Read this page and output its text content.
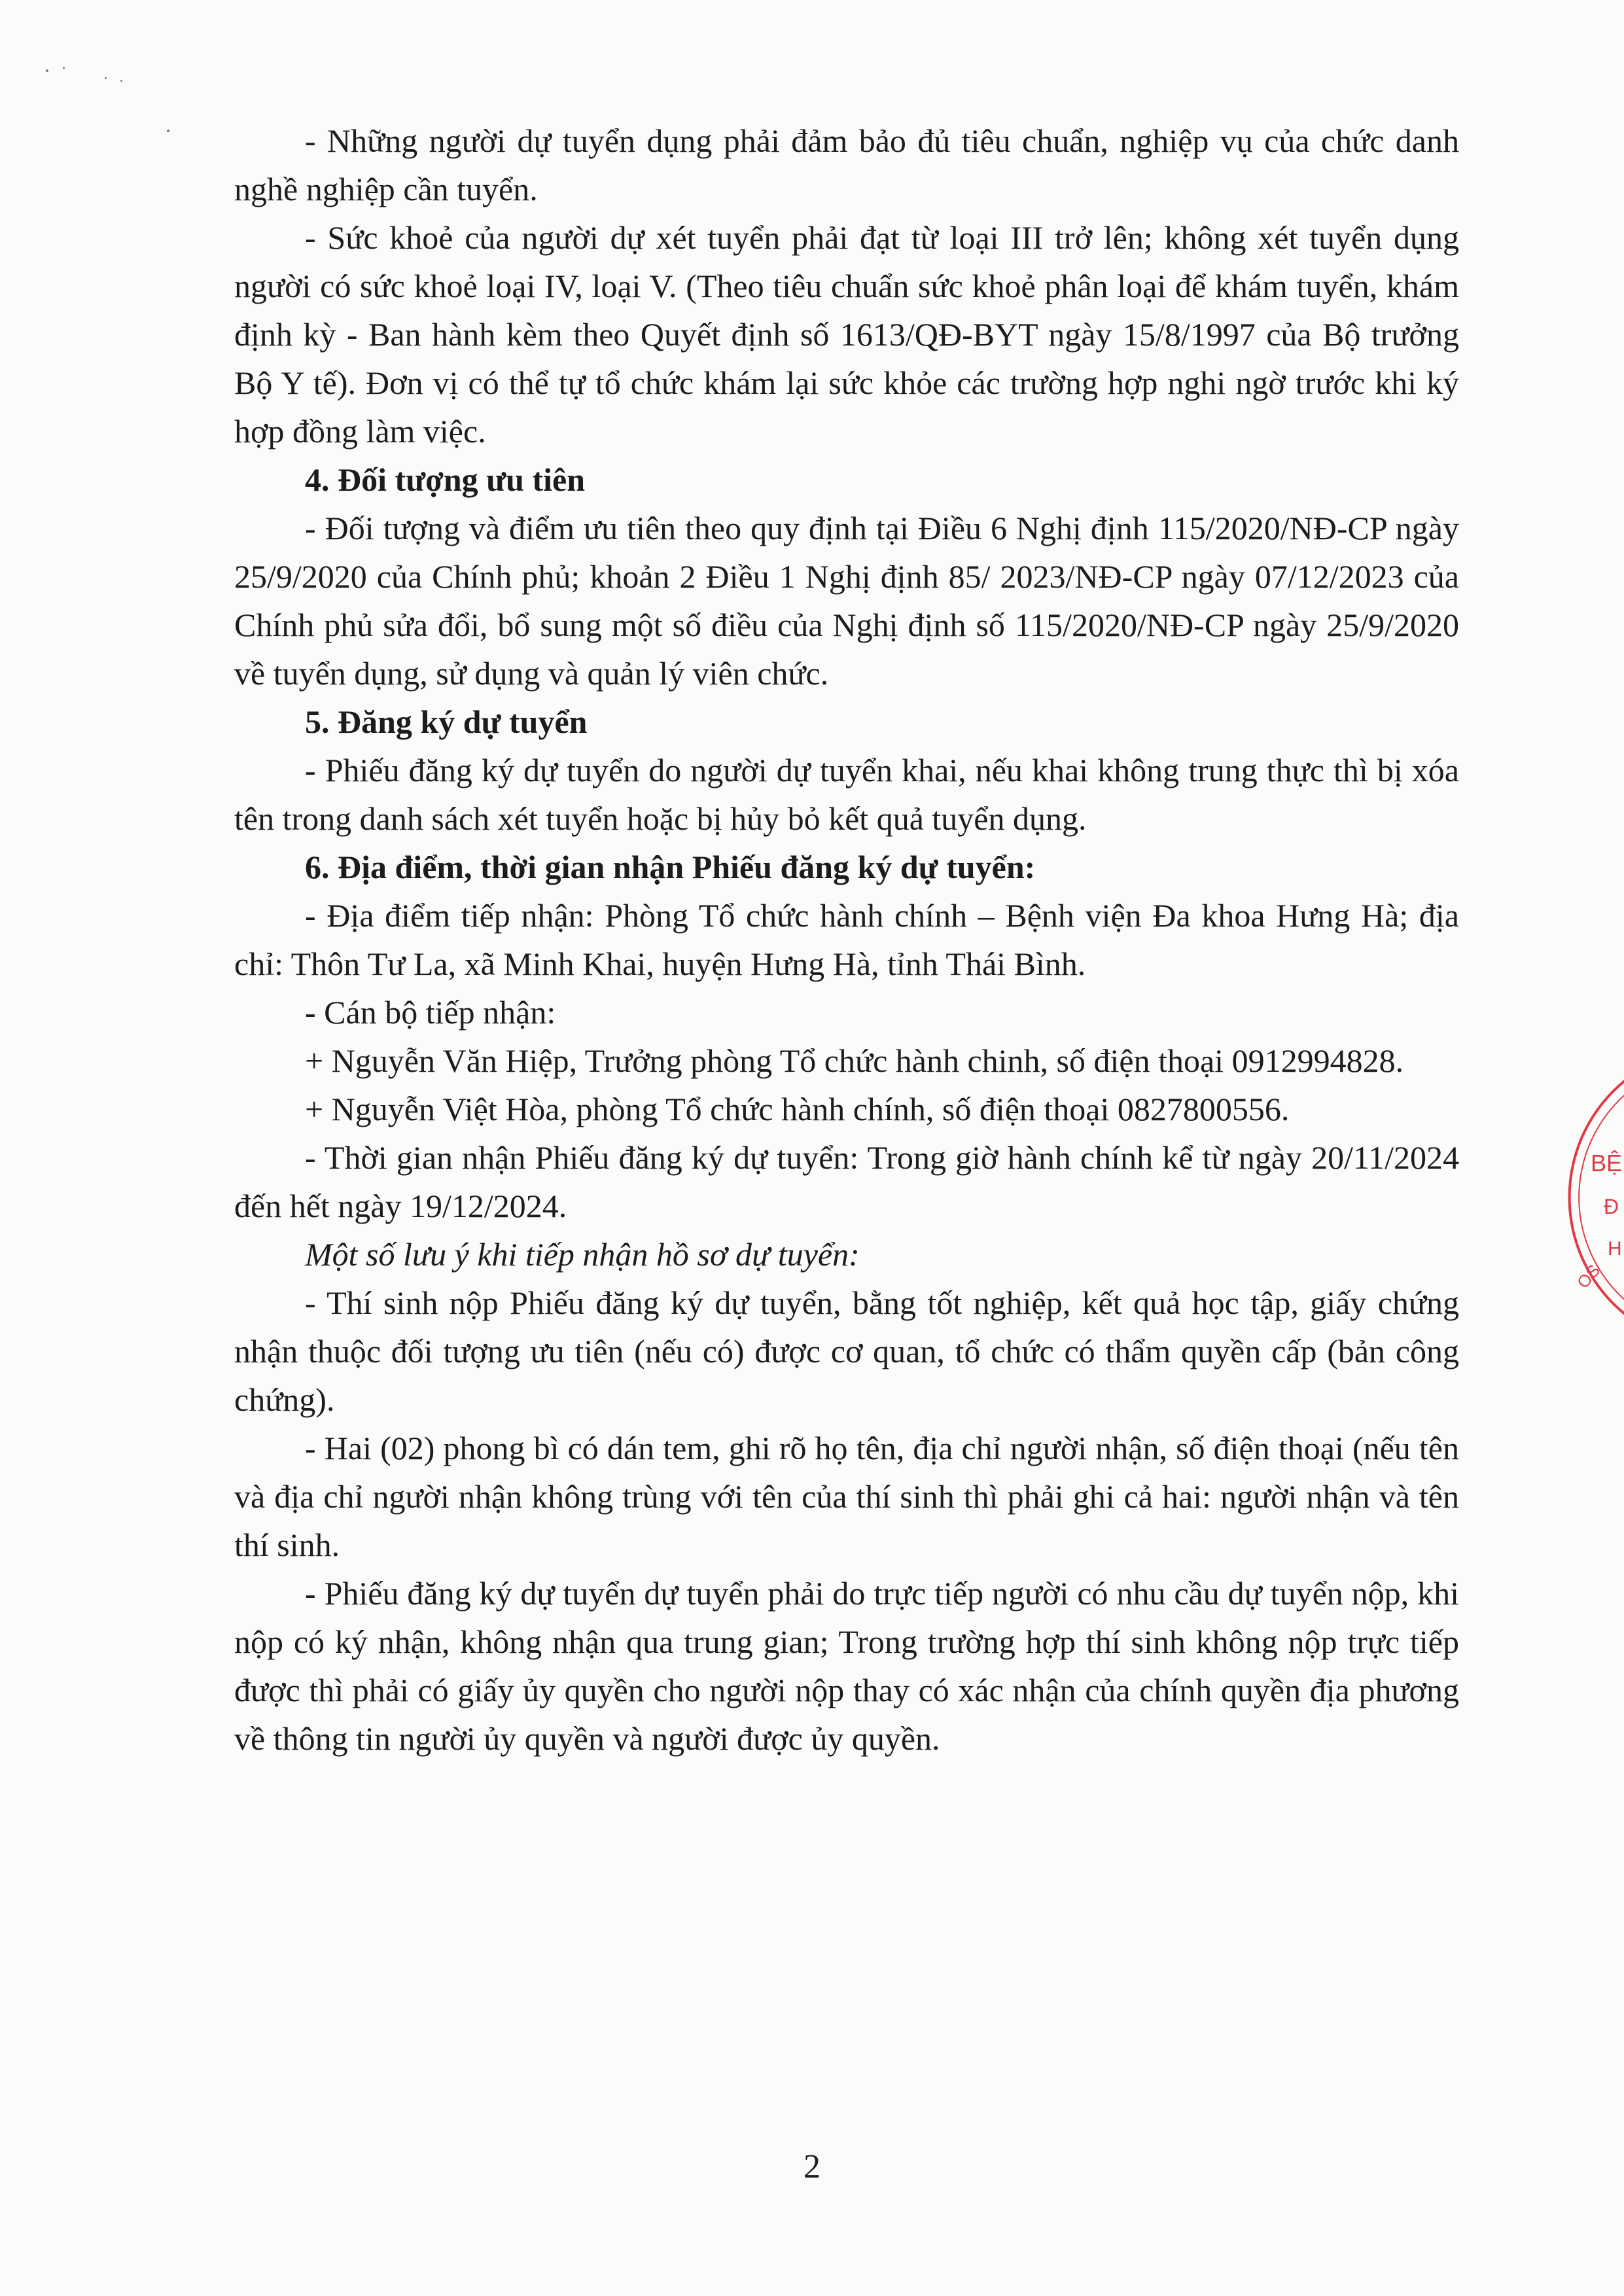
- Những người dự tuyển dụng phải đảm bảo đủ tiêu chuẩn, nghiệp vụ của chức danh nghề nghiệp cần tuyển.

- Sức khoẻ của người dự xét tuyển phải đạt từ loại III trở lên; không xét tuyển dụng người có sức khoẻ loại IV, loại V. (Theo tiêu chuẩn sức khoẻ phân loại để khám tuyển, khám định kỳ - Ban hành kèm theo Quyết định số 1613/QĐ-BYT ngày 15/8/1997 của Bộ trưởng Bộ Y tế). Đơn vị có thể tự tổ chức khám lại sức khỏe các trường hợp nghi ngờ trước khi ký hợp đồng làm việc.

4. Đối tượng ưu tiên

- Đối tượng và điểm ưu tiên theo quy định tại Điều 6 Nghị định 115/2020/NĐ-CP ngày 25/9/2020 của Chính phủ; khoản 2 Điều 1 Nghị định 85/ 2023/NĐ-CP ngày 07/12/2023 của Chính phủ sửa đổi, bổ sung một số điều của Nghị định số 115/2020/NĐ-CP ngày 25/9/2020 về tuyển dụng, sử dụng và quản lý viên chức.

5. Đăng ký dự tuyển

- Phiếu đăng ký dự tuyển do người dự tuyển khai, nếu khai không trung thực thì bị xóa tên trong danh sách xét tuyển hoặc bị hủy bỏ kết quả tuyển dụng.

6. Địa điểm, thời gian nhận Phiếu đăng ký dự tuyển:

- Địa điểm tiếp nhận: Phòng Tổ chức hành chính – Bệnh viện Đa khoa Hưng Hà; địa chỉ: Thôn Tư La, xã Minh Khai, huyện Hưng Hà, tỉnh Thái Bình.

- Cán bộ tiếp nhận:

+ Nguyễn Văn Hiệp, Trưởng phòng Tổ chức hành chinh, số điện thoại 0912994828.

+ Nguyễn Việt Hòa, phòng Tổ chức hành chính, số điện thoại 0827800556.

- Thời gian nhận Phiếu đăng ký dự tuyển: Trong giờ hành chính kể từ ngày 20/11/2024 đến hết ngày 19/12/2024.

Một số lưu ý khi tiếp nhận hồ sơ dự tuyển:

- Thí sinh nộp Phiếu đăng ký dự tuyển, bằng tốt nghiệp, kết quả học tập, giấy chứng nhận thuộc đối tượng ưu tiên (nếu có) được cơ quan, tổ chức có thẩm quyền cấp (bản công chứng).

- Hai (02) phong bì có dán tem, ghi rõ họ tên, địa chỉ người nhận, số điện thoại (nếu tên và địa chỉ người nhận không trùng với tên của thí sinh thì phải ghi cả hai: người nhận và tên thí sinh.

- Phiếu đăng ký dự tuyển dự tuyển phải do trực tiếp người có nhu cầu dự tuyển nộp, khi nộp có ký nhận, không nhận qua trung gian; Trong trường hợp thí sinh không nộp trực tiếp được thì phải có giấy ủy quyền cho người nộp thay có xác nhận của chính quyền địa phương về thông tin người ủy quyền và người được ủy quyền.

2
BỆ
Đ
H
OS
